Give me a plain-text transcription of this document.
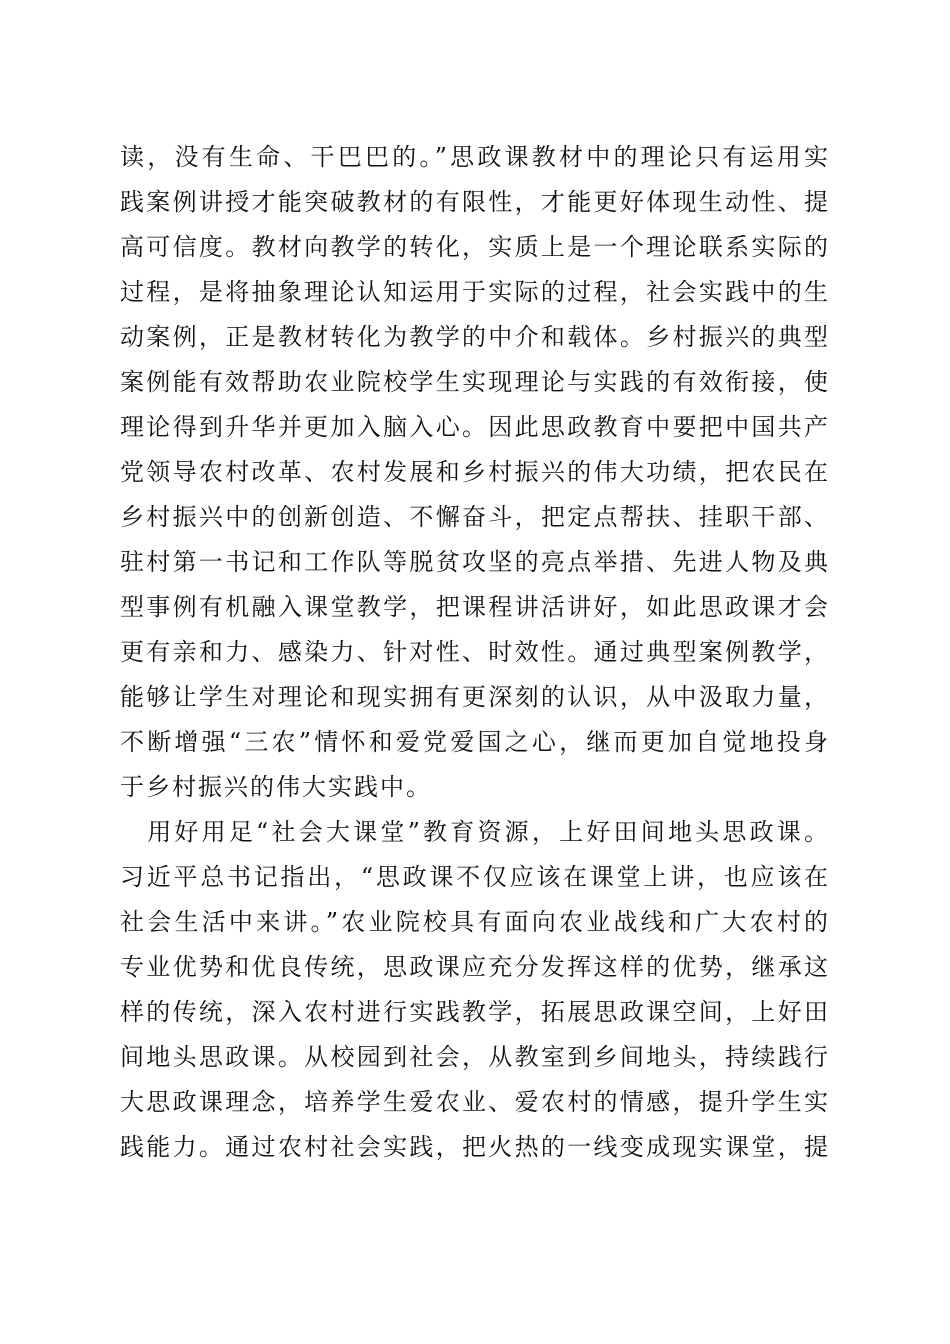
读，没有生命、干巴巴的。”思政课教材中的理论只有运用实
践案例讲授才能突破教材的有限性，才能更好体现生动性、提
高可信度。教材向教学的转化，实质上是一个理论联系实际的
过程，是将抽象理论认知运用于实际的过程，社会实践中的生
动案例，正是教材转化为教学的中介和载体。乡村振兴的典型
案例能有效帮助农业院校学生实现理论与实践的有效衔接，使
理论得到升华并更加入脑入心。因此思政教育中要把中国共产
党领导农村改革、农村发展和乡村振兴的伟大功绩，把农民在
乡村振兴中的创新创造、不懈奋斗，把定点帮扶、挂职干部、
驻村第一书记和工作队等脱贫攻坚的亮点举措、先进人物及典
型事例有机融入课堂教学，把课程讲活讲好，如此思政课才会
更有亲和力、感染力、针对性、时效性。通过典型案例教学，
能够让学生对理论和现实拥有更深刻的认识，从中汲取力量，
不断增强“三农”情怀和爱党爱国之心，继而更加自觉地投身
于乡村振兴的伟大实践中。
　用好用足“社会大课堂”教育资源，上好田间地头思政课。
习近平总书记指出，“思政课不仅应该在课堂上讲，也应该在
社会生活中来讲。”农业院校具有面向农业战线和广大农村的
专业优势和优良传统，思政课应充分发挥这样的优势，继承这
样的传统，深入农村进行实践教学，拓展思政课空间，上好田
间地头思政课。从校园到社会，从教室到乡间地头，持续践行
大思政课理念，培养学生爱农业、爱农村的情感，提升学生实
践能力。通过农村社会实践，把火热的一线变成现实课堂，提
